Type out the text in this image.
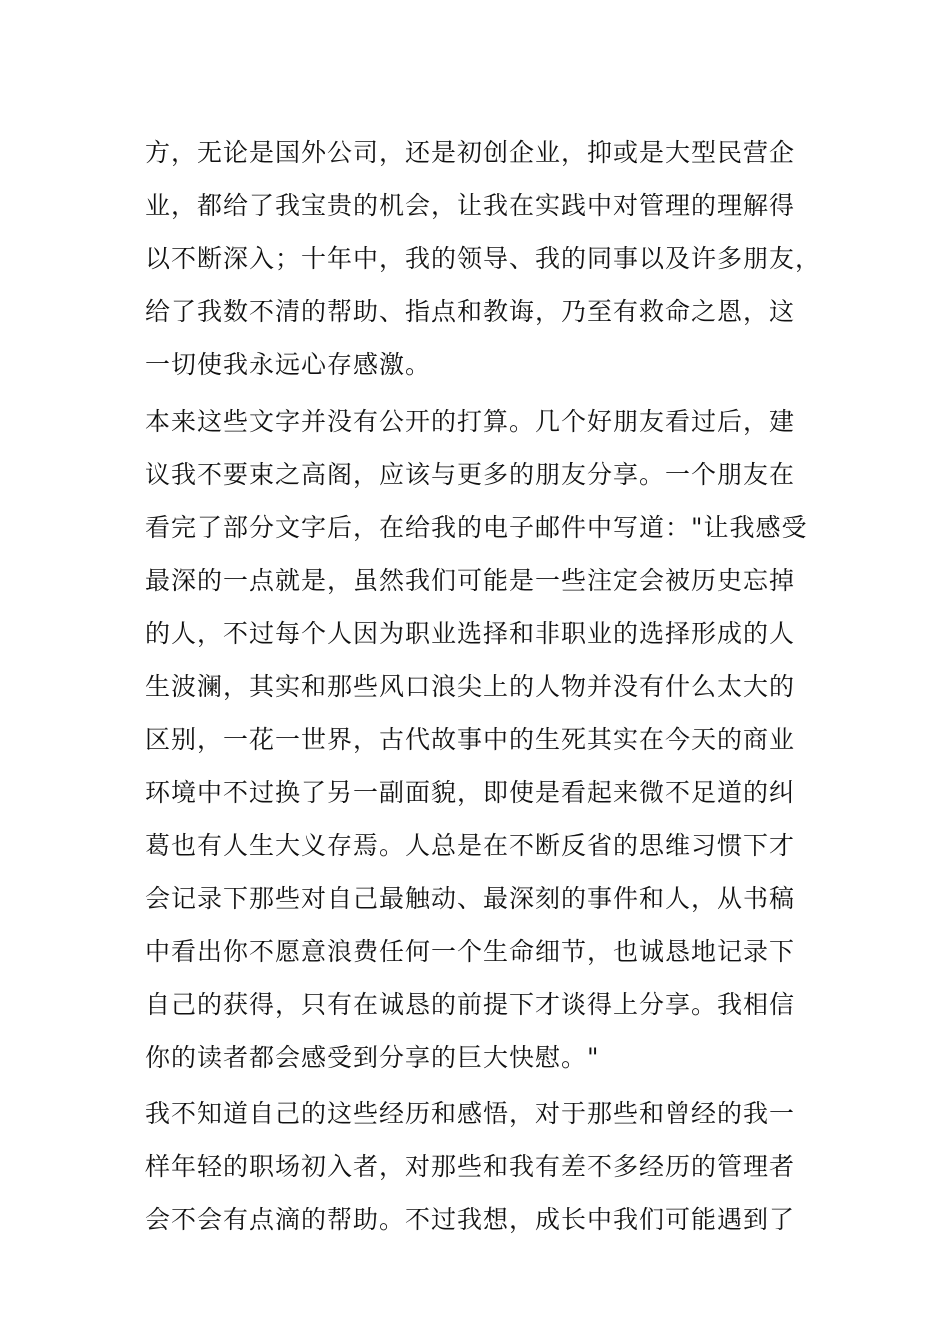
方，无论是国外公司，还是初创企业，抑或是大型民营企
业，都给了我宝贵的机会，让我在实践中对管理的理解得
以不断深入；十年中，我的领导、我的同事以及许多朋友，
给了我数不清的帮助、指点和教诲，乃至有救命之恩，这
一切使我永远心存感激。
本来这些文字并没有公开的打算。几个好朋友看过后，建
议我不要束之高阁，应该与更多的朋友分享。一个朋友在
看完了部分文字后，在给我的电子邮件中写道："让我感受
最深的一点就是，虽然我们可能是一些注定会被历史忘掉
的人，不过每个人因为职业选择和非职业的选择形成的人
生波澜，其实和那些风口浪尖上的人物并没有什么太大的
区别，一花一世界，古代故事中的生死其实在今天的商业
环境中不过换了另一副面貌，即使是看起来微不足道的纠
葛也有人生大义存焉。人总是在不断反省的思维习惯下才
会记录下那些对自己最触动、最深刻的事件和人，从书稿
中看出你不愿意浪费任何一个生命细节，也诚恳地记录下
自己的获得，只有在诚恳的前提下才谈得上分享。我相信
你的读者都会感受到分享的巨大快慰。"
我不知道自己的这些经历和感悟，对于那些和曾经的我一
样年轻的职场初入者，对那些和我有差不多经历的管理者
会不会有点滴的帮助。不过我想，成长中我们可能遇到了
